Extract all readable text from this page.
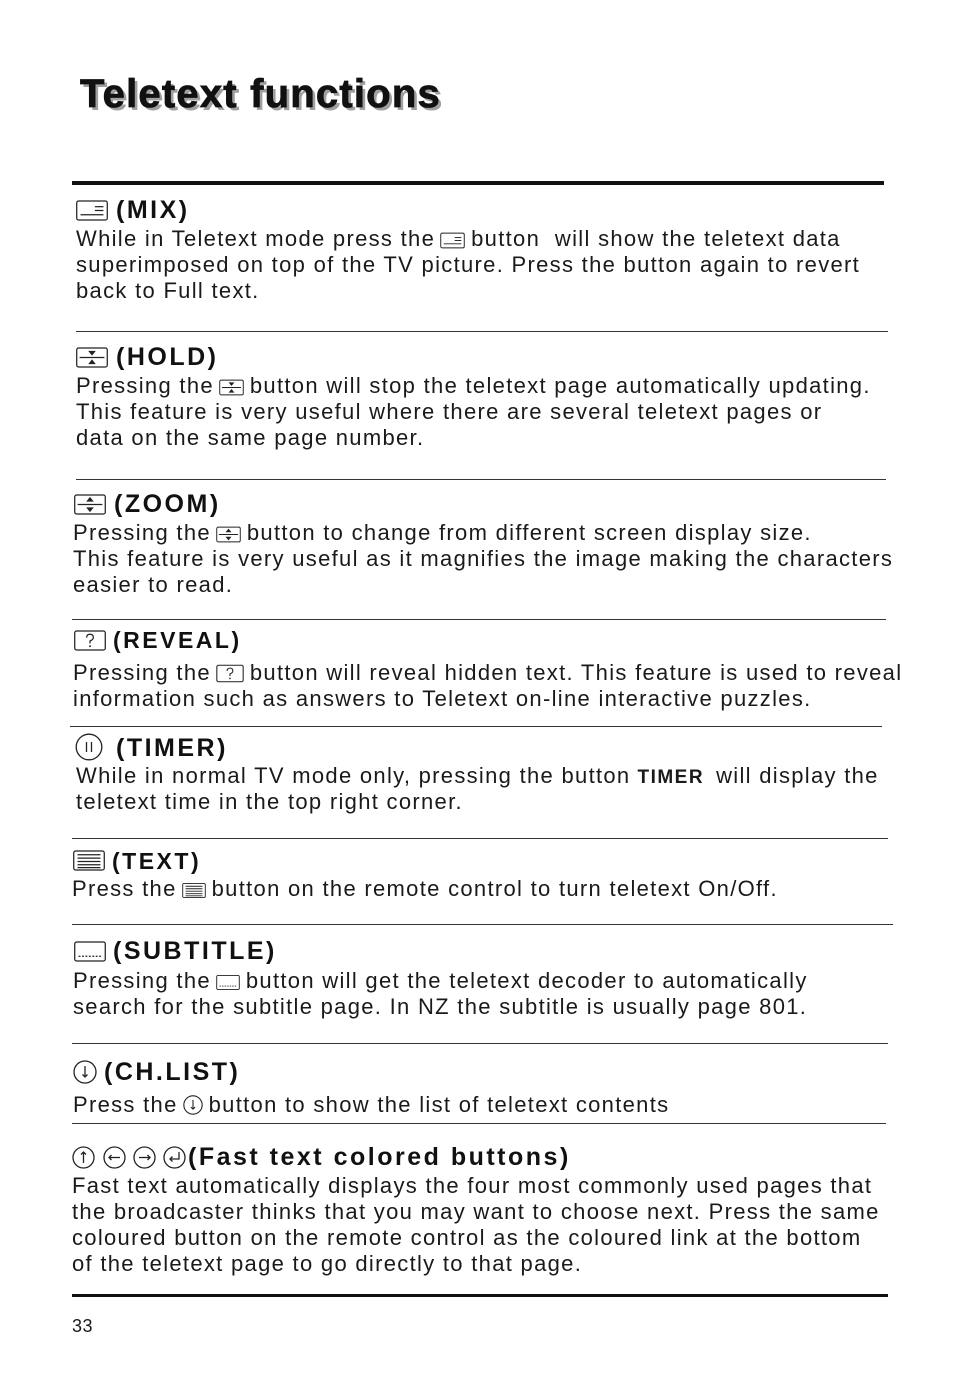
Teletext functions
(MIX)
While in Teletext mode press the button  will show the teletext data
superimposed on top of the TV picture. Press the button again to revert
back to Full text.
(HOLD)
Pressing the button will stop the teletext page automatically updating.
This feature is very useful where there are several teletext pages or
data on the same page number.
(ZOOM)
Pressing the button to change from different screen display size.
This feature is very useful as it magnifies the image making the characters
easier to read.
(REVEAL)
Pressing the button will reveal hidden text. This feature is used to reveal
information such as answers to Teletext on-line interactive puzzles.
(TIMER)
While in normal TV mode only, pressing the button TIMER will display the
teletext time in the top right corner.
(TEXT)
Press the button on the remote control to turn teletext On/Off.
(SUBTITLE)
Pressing the button will get the teletext decoder to automatically
search for the subtitle page. In NZ the subtitle is usually page 801.
(CH.LIST)
Press the button to show the list of teletext contents
(Fast text colored buttons)
Fast text automatically displays the four most commonly used pages that
the broadcaster thinks that you may want to choose next. Press the same
coloured button on the remote control as the coloured link at the bottom
of the teletext page to go directly to that page.
33
